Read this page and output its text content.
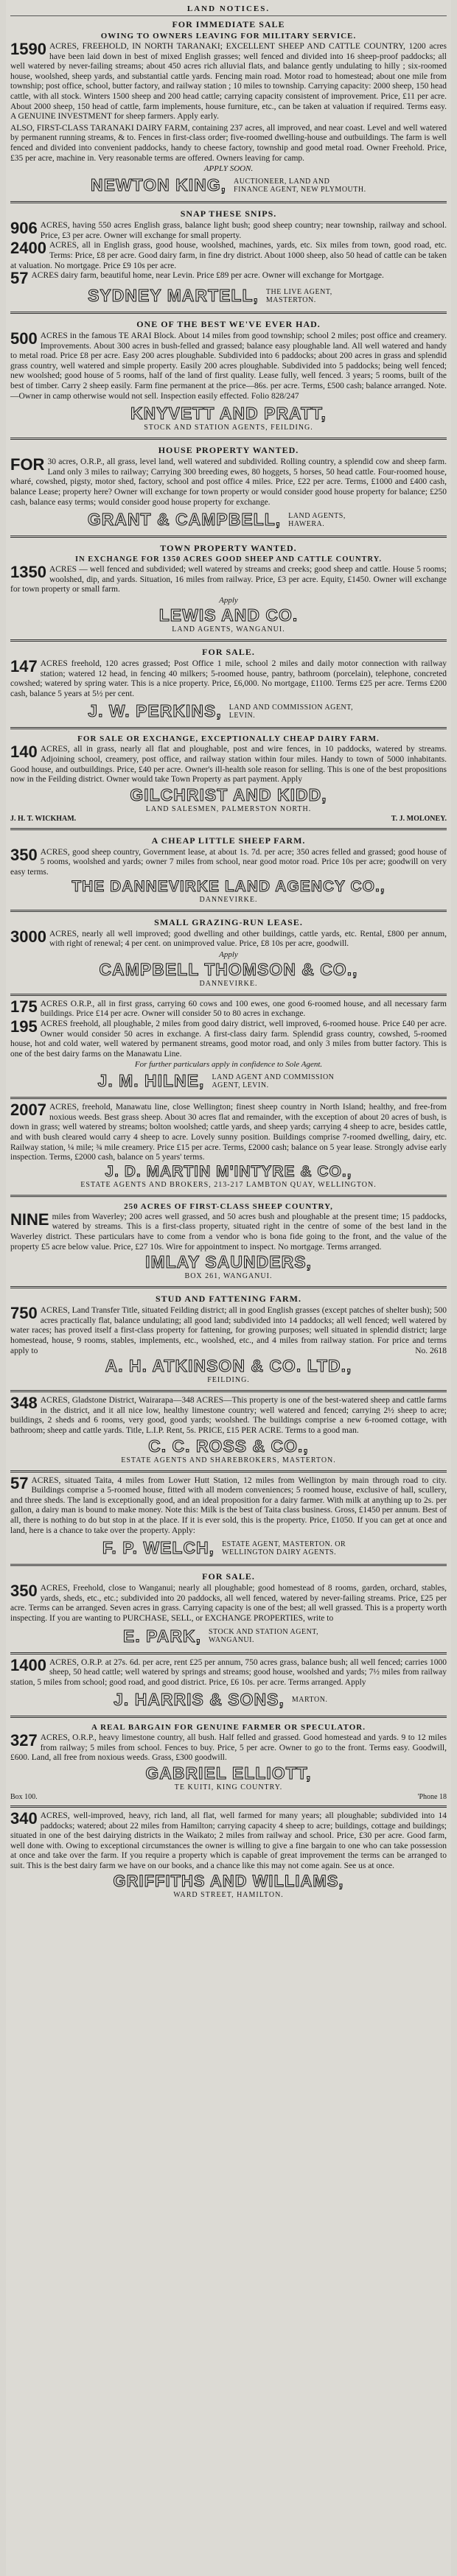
LAND NOTICES.
FOR IMMEDIATE SALE
OWING TO OWNERS LEAVING FOR MILITARY SERVICE.
1590 ACRES, FREEHOLD, IN NORTH TARANAKI; EXCELLENT SHEEP AND CATTLE COUNTRY, 1200 acres have been laid down in best of mixed English grasses; well fenced and divided into 16 sheep-proof paddocks; all well watered by never-failing streams; about 450 acres rich alluvial flats, and balance gently undulating to hilly ; six-roomed house, woolshed, sheep yards, and substantial cattle yards. Fencing main road. Motor road to homestead; about one mile from township; post office, school, butter factory, and railway station ; 10 miles to township. Carrying capacity: 2000 sheep, 150 head cattle, with all stock. Winters 1500 sheep and 200 head cattle; carrying capacity consistent of improvement. Price, £11 per acre. About 2000 sheep, 150 head of cattle, farm implements, house furniture, etc., can be taken at valuation if required. Terms easy. A GENUINE INVESTMENT for sheep farmers. Apply early.
ALSO, FIRST-CLASS TARANAKI DAIRY FARM, containing 237 acres, all improved, and near coast. Level and well watered by permanent running streams, & to. Fences in first-class order; five-roomed dwelling-house and outbuildings. The farm is well fenced and divided into convenient paddocks, handy to cheese factory, township and good metal road. Owner Freehold. Price, £35 per acre, machine in. Very reasonable terms are offered. Owners leaving for camp.
APPLY SOON.
NEWTON KING, AUCTIONEER, LAND AND FINANCE AGENT, NEW PLYMOUTH.
SNAP THESE SNIPS.
906 ACRES, having 550 acres English grass, balance light bush; good sheep country; near township, railway and school. Price, £3 per acre. Owner will exchange for small property.
2400 ACRES, all in English grass, good house, woolshed, machines, yards, etc. Six miles from town, good road, etc. Terms: Price, £8 per acre. Good dairy farm, in fine dry district. About 1000 sheep, also 50 head of cattle can be taken at valuation. No mortgage. Price £9 10s per acre.
57 ACRES dairy farm, beautiful home, near Levin. Price £89 per acre. Owner will exchange for Mortgage.
SYDNEY MARTELL, THE LIVE AGENT, MASTERTON.
ONE OF THE BEST WE'VE EVER HAD.
500 ACRES in the famous TE ARAI Block. About 14 miles from good township; school 2 miles; post office and creamery. Improvements. About 300 acres in bush-felled and grassed; balance easy ploughable land. All well watered and handy to metal road. Price £8 per acre. Easy 200 acres ploughable. Subdivided into 6 paddocks; about 200 acres in grass and splendid grass country, well watered and simple property. Easily 200 acres ploughable. Subdivided into 5 paddocks; being well fenced; new woolshed; good house of 5 rooms, half of the land of first quality. Lease fully, well fenced. 3 years; 5 rooms, built of the best of timber. Carry 2 sheep easily. Farm fine permanent at the price—86s. per acre. Terms, £500 cash; balance arranged. Note.—Owner in camp otherwise would not sell. Inspection easily effected. Folio 828/247
KNYVETT AND PRATT,
STOCK AND STATION AGENTS, FEILDING.
HOUSE PROPERTY WANTED.
FOR 30 acres, O.R.P., all grass, level land, well watered and subdivided. Rolling country, a splendid cow and sheep farm. Land only 3 miles to railway; Carrying 300 breeding ewes, 80 hoggets, 5 horses, 50 head cattle. Four-roomed house, wharé, cowshed, pigsty, motor shed, factory, school and post office 4 miles. Price, £22 per acre. Terms, £1000 and £400 cash, balance Lease; property here? Owner will exchange for town property or would consider good house property for balance; £250 cash, balance easy terms; would consider good house property for exchange.
GRANT & CAMPBELL, LAND AGENTS, HAWERA.
TOWN PROPERTY WANTED.
IN EXCHANGE FOR 1350 ACRES GOOD SHEEP AND CATTLE COUNTRY.
1350 ACRES — well fenced and subdivided; well watered by streams and creeks; good sheep and cattle. House 5 rooms; woolshed, dip, and yards. Situation, 16 miles from railway. Price, £3 per acre. Equity, £1450. Owner will exchange for town property or small farm.
Apply
LEWIS AND CO.
LAND AGENTS, WANGANUI.
FOR SALE.
147 ACRES freehold, 120 acres grassed; Post Office 1 mile, school 2 miles and daily motor connection with railway station; watered 12 head, in fencing 40 milkers; 5-roomed house, pantry, bathroom (porcelain), telephone, concreted cowshed; watered by spring water. This is a nice property. Price, £6,000. No mortgage, £1100. Terms £25 per acre. Terms £200 cash, balance 5 years at 5½ per cent.
J. W. PERKINS, LAND AND COMMISSION AGENT, LEVIN.
FOR SALE OR EXCHANGE, EXCEPTIONALLY CHEAP DAIRY FARM.
140 ACRES, all in grass, nearly all flat and ploughable, post and wire fences, in 10 paddocks, watered by streams. Adjoining school, creamery, post office, and railway station within four miles. Handy to town of 5000 inhabitants. Good house, and outbuildings. Price, £40 per acre. Owner's ill-health sole reason for selling. This is one of the best propositions now in the Feilding district. Owner would take Town Property as part payment. Apply
GILCHRIST AND KIDD,
LAND SALESMEN, PALMERSTON NORTH.
J. H. T. WICKHAM.	T. J. MOLONEY.
A CHEAP LITTLE SHEEP FARM.
350 ACRES, good sheep country, Government lease, at about 1s. 7d. per acre; 350 acres felled and grassed; good house of 5 rooms, woolshed and yards; owner 7 miles from school, near good motor road. Price 10s per acre; goodwill on very easy terms.
THE DANNEVIRKE LAND AGENCY CO.,
DANNEVIRKE.
SMALL GRAZING-RUN LEASE.
3000 ACRES, nearly all well improved; good dwelling and other buildings, cattle yards, etc. Rental, £800 per annum, with right of renewal; 4 per cent. on unimproved value. Price, £8 10s per acre, goodwill.
Apply
CAMPBELL THOMSON & CO.,
DANNEVIRKE.
175 ACRES O.R.P., all in first grass, carrying 60 cows and 100 ewes, one good 6-roomed house, and all necessary farm buildings. Price £14 per acre. Owner will consider 50 to 80 acres in exchange.
195 ACRES freehold, all ploughable, 2 miles from good dairy district, well improved, 6-roomed house. Price £40 per acre. Owner would consider 50 acres in exchange. A first-class dairy farm. Splendid grass country, cowshed, 5-roomed house, hot and cold water, well watered by permanent streams, good motor road, and only 3 miles from butter factory. This is one of the best dairy farms on the Manawatu Line.
For further particulars apply in confidence to Sole Agent.
J. M. HILNE, LAND AGENT AND COMMISSION AGENT, LEVIN.
2007 ACRES, freehold, Manawatu line, close Wellington; finest sheep country in North Island; healthy, and free-from noxious weeds. Best grass sheep. About 30 acres flat and remainder, with the exception of about 20 acres of bush, is down in grass; well watered by streams; bolton woolshed; cattle yards, and sheep yards; carrying 4 sheep to acre, besides cattle, and with bush cleared would carry 4 sheep to acre. Lovely sunny position. Buildings comprise 7-roomed dwelling, dairy, etc. Railway station, ¼ mile; ¾ mile creamery. Price £15 per acre. Terms, £2000 cash; balance on 5 year lease. Strongly advise early inspection. Terms, £2000 cash, balance on 5 years' terms.
J. D. MARTIN M'INTYRE & CO.,
ESTATE AGENTS AND BROKERS, 213-217 LAMBTON QUAY, WELLINGTON.
250 ACRES OF FIRST-CLASS SHEEP COUNTRY,
NINE miles from Waverley; 200 acres well grassed, and 50 acres bush and ploughable at the present time; 15 paddocks, watered by streams. This is a first-class property, situated right in the centre of some of the best land in the Waverley district. These particulars have to come from a vendor who is bona fide going to the front, and the value of the property £5 acre below value. Price, £27 10s. Wire for appointment to inspect. No mortgage. Terms arranged.
IMLAY SAUNDERS,
BOX 261, WANGANUI.
STUD AND FATTENING FARM.
750 ACRES, Land Transfer Title, situated Feilding district; all in good English grasses (except patches of shelter bush); 500 acres practically flat, balance undulating; all good land; subdivided into 14 paddocks; all well fenced; well watered by water races; has proved itself a first-class property for fattening, for growing purposes; well situated in splendid district; large homestead, house, 9 rooms, stables, implements, etc., woolshed, etc., and 4 miles from railway station. For price and terms apply to	No. 2618
A. H. ATKINSON & CO. LTD.,
FEILDING.
348 ACRES, Gladstone District, Wairarapa—348 ACRES—This property is one of the best-watered sheep and cattle farms in the district, and it all nice low, healthy limestone country; well watered and fenced; carrying 2½ sheep to acre; buildings, 2 sheds and 6 rooms, very good, good yards; woolshed. The buildings comprise a new 6-roomed cottage, with bathroom; sheep and cattle yards. Title, L.I.P. Rent, 5s. PRICE, £15 PER ACRE. Terms to a good man.
C. C. ROSS & CO.,
ESTATE AGENTS AND SHAREBROKERS, MASTERTON.
57 ACRES, situated Taita, 4 miles from Lower Hutt Station, 12 miles from Wellington by main through road to city. Buildings comprise a 5-roomed house, fitted with all modern conveniences; 5 roomed house, exclusive of hall, scullery, and three sheds. The land is exceptionally good, and an ideal proposition for a dairy farmer. With milk at anything up to 2s. per gallon, a dairy man is bound to make money. Note this: Milk is the best of Taita class business. Gross, £1450 per annum. Best of all, there is nothing to do but stop in at the place. If it is ever sold, this is the property. Price, £1050. If you can get at once and land, here is a chance to take over the property. Apply:
F. P. WELCH, ESTATE AGENT, MASTERTON. OR WELLINGTON DAIRY AGENTS.
FOR SALE.
350 ACRES, Freehold, close to Wanganui; nearly all ploughable; good homestead of 8 rooms, garden, orchard, stables, yards, sheds, etc., etc.; subdivided into 20 paddocks, all well fenced, watered by never-failing streams. Price, £25 per acre. Terms can be arranged. Seven acres in grass. Carrying capacity is one of the best; all well grassed. This is a property worth inspecting. If you are wanting to PURCHASE, SELL, or EXCHANGE PROPERTIES, write to
E. PARK, STOCK AND STATION AGENT, WANGANUI.
1400 ACRES, O.R.P. at 27s. 6d. per acre, rent £25 per annum, 750 acres grass, balance bush; all well fenced; carries 1000 sheep, 50 head cattle; well watered by springs and streams; good house, woolshed and yards; 7½ miles from railway station, 5 miles from school; good road, and good district. Price, £6 10s. per acre. Terms arranged. Apply
J. HARRIS & SONS, MARTON.
A REAL BARGAIN FOR GENUINE FARMER OR SPECULATOR.
327 ACRES, O.R.P., heavy limestone country, all bush. Half felled and grassed. Good homestead and yards. 9 to 12 miles from railway; 5 miles from school. Fences to buy. Price, 5 per acre. Owner to go to the front. Terms easy. Goodwill, £600. Land, all free from noxious weeds. Grass, £300 goodwill.
GABRIEL ELLIOTT,
TE KUITI, KING COUNTRY.
Box 100.	'Phone 18
340 ACRES, well-improved, heavy, rich land, all flat, well farmed for many years; all ploughable; subdivided into 14 paddocks; watered; about 22 miles from Hamilton; carrying capacity 4 sheep to acre; buildings, cottage and buildings; situated in one of the best dairying districts in the Waikato; 2 miles from railway and school. Price, £30 per acre. Good farm, well done with. Owing to exceptional circumstances the owner is willing to give a fine bargain to one who can take possession at once and take over the farm. If you require a property which is capable of great improvement the terms can be arranged to suit. This is the best dairy farm we have on our books, and a chance like this may not come again. See us at once.
GRIFFITHS AND WILLIAMS,
WARD STREET, HAMILTON.
